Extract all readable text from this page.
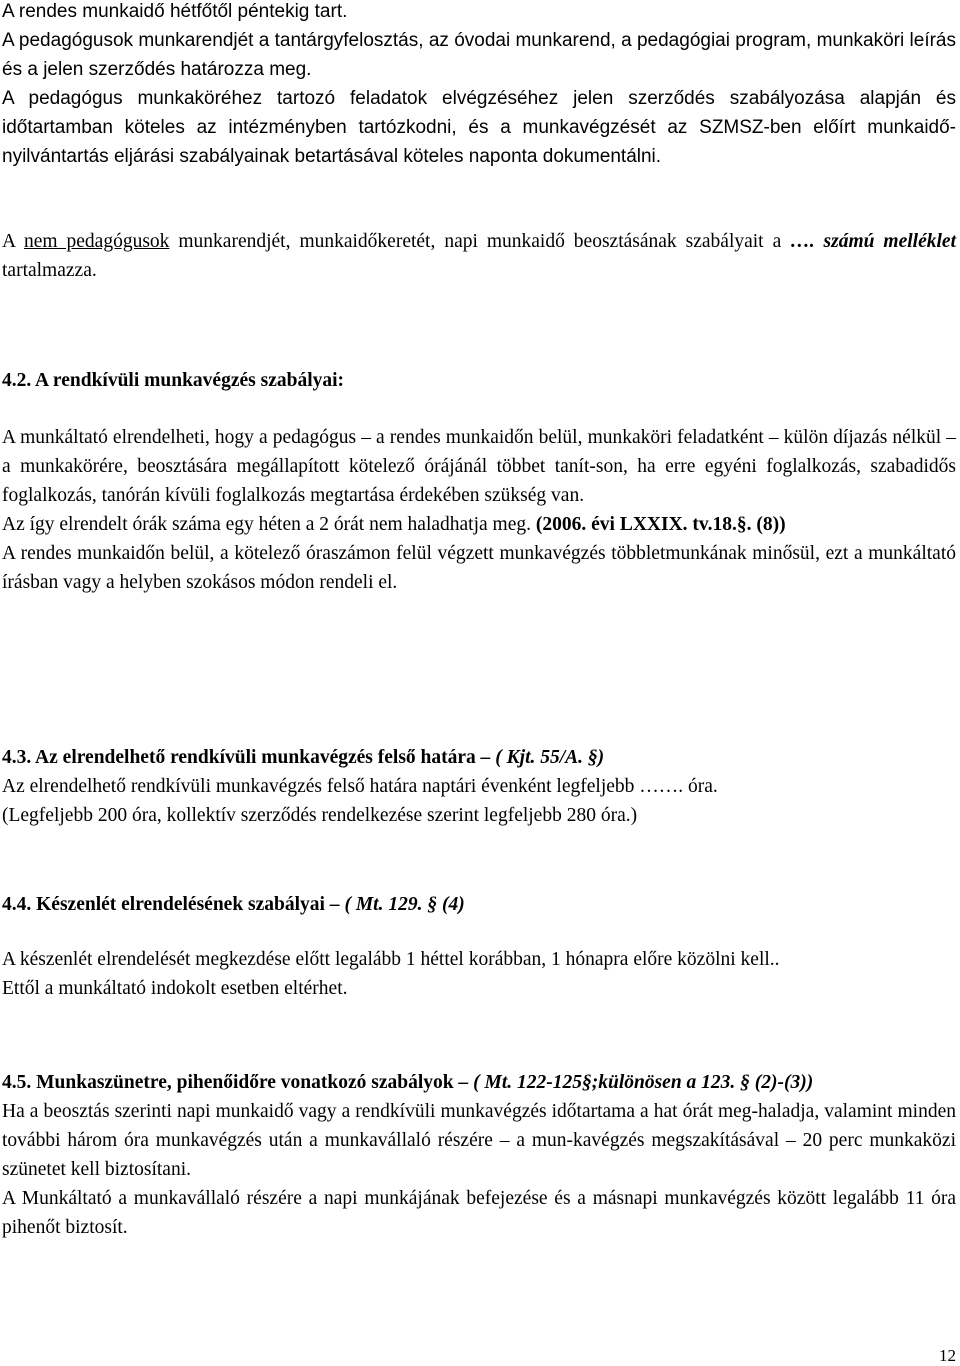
A rendes munkaidő hétfőtől péntekig tart.

A pedagógusok munkarendjét a tantárgyfelosztás, az óvodai munkarend, a pedagógiai program, munkaköri leírás és a jelen szerződés határozza meg.

A pedagógus munkaköréhez tartozó feladatok elvégzéséhez jelen szerződés szabályozása alapján és időtartamban köteles az intézményben tartózkodni, és a munkavégzését az SZMSZ-ben előírt munkaidő-nyilvántartás eljárási szabályainak betartásával köteles naponta dokumentálni.

A nem pedagógusok munkarendjét, munkaidőkeretét, napi munkaidő beosztásának szabályait a …. számú melléklet tartalmazza.

4.2. A rendkívüli munkavégzés szabályai:

A munkáltató elrendelheti, hogy a pedagógus – a rendes munkaidőn belül, munkaköri feladatként – külön díjazás nélkül – a munkakörére, beosztására megállapított kötelező órájánál többet tanít-son, ha erre egyéni foglalkozás, szabadidős foglalkozás, tanórán kívüli foglalkozás megtartása érdekében szükség van.

Az így elrendelt órák száma egy héten a 2 órát nem haladhatja meg. (2006. évi LXXIX. tv.18.§. (8))

A rendes munkaidőn belül, a kötelező óraszámon felül végzett munkavégzés többletmunkának minősül, ezt a munkáltató írásban vagy a helyben szokásos módon rendeli el.

4.3. Az elrendelhető rendkívüli munkavégzés felső határa – ( Kjt. 55/A. §)

Az elrendelhető rendkívüli munkavégzés felső határa naptári évenként legfeljebb ……. óra.

(Legfeljebb 200 óra, kollektív szerződés rendelkezése szerint legfeljebb 280 óra.)

4.4. Készenlét elrendelésének szabályai – ( Mt. 129. § (4)

A készenlét elrendelését megkezdése előtt legalább 1 héttel korábban, 1 hónapra előre közölni kell..

Ettől a munkáltató indokolt esetben eltérhet.

4.5. Munkaszünetre, pihenőidőre vonatkozó szabályok – ( Mt. 122-125§;különösen a 123. § (2)-(3))

Ha a beosztás szerinti napi munkaidő vagy a rendkívüli munkavégzés időtartama a hat órát meg-haladja, valamint minden további három óra munkavégzés után a munkavállaló részére – a mun-kavégzés megszakításával – 20 perc munkaközi szünetet kell biztosítani.

A Munkáltató a munkavállaló részére a napi munkájának befejezése és a másnapi munkavégzés között legalább 11 óra pihenőt biztosít.

12
